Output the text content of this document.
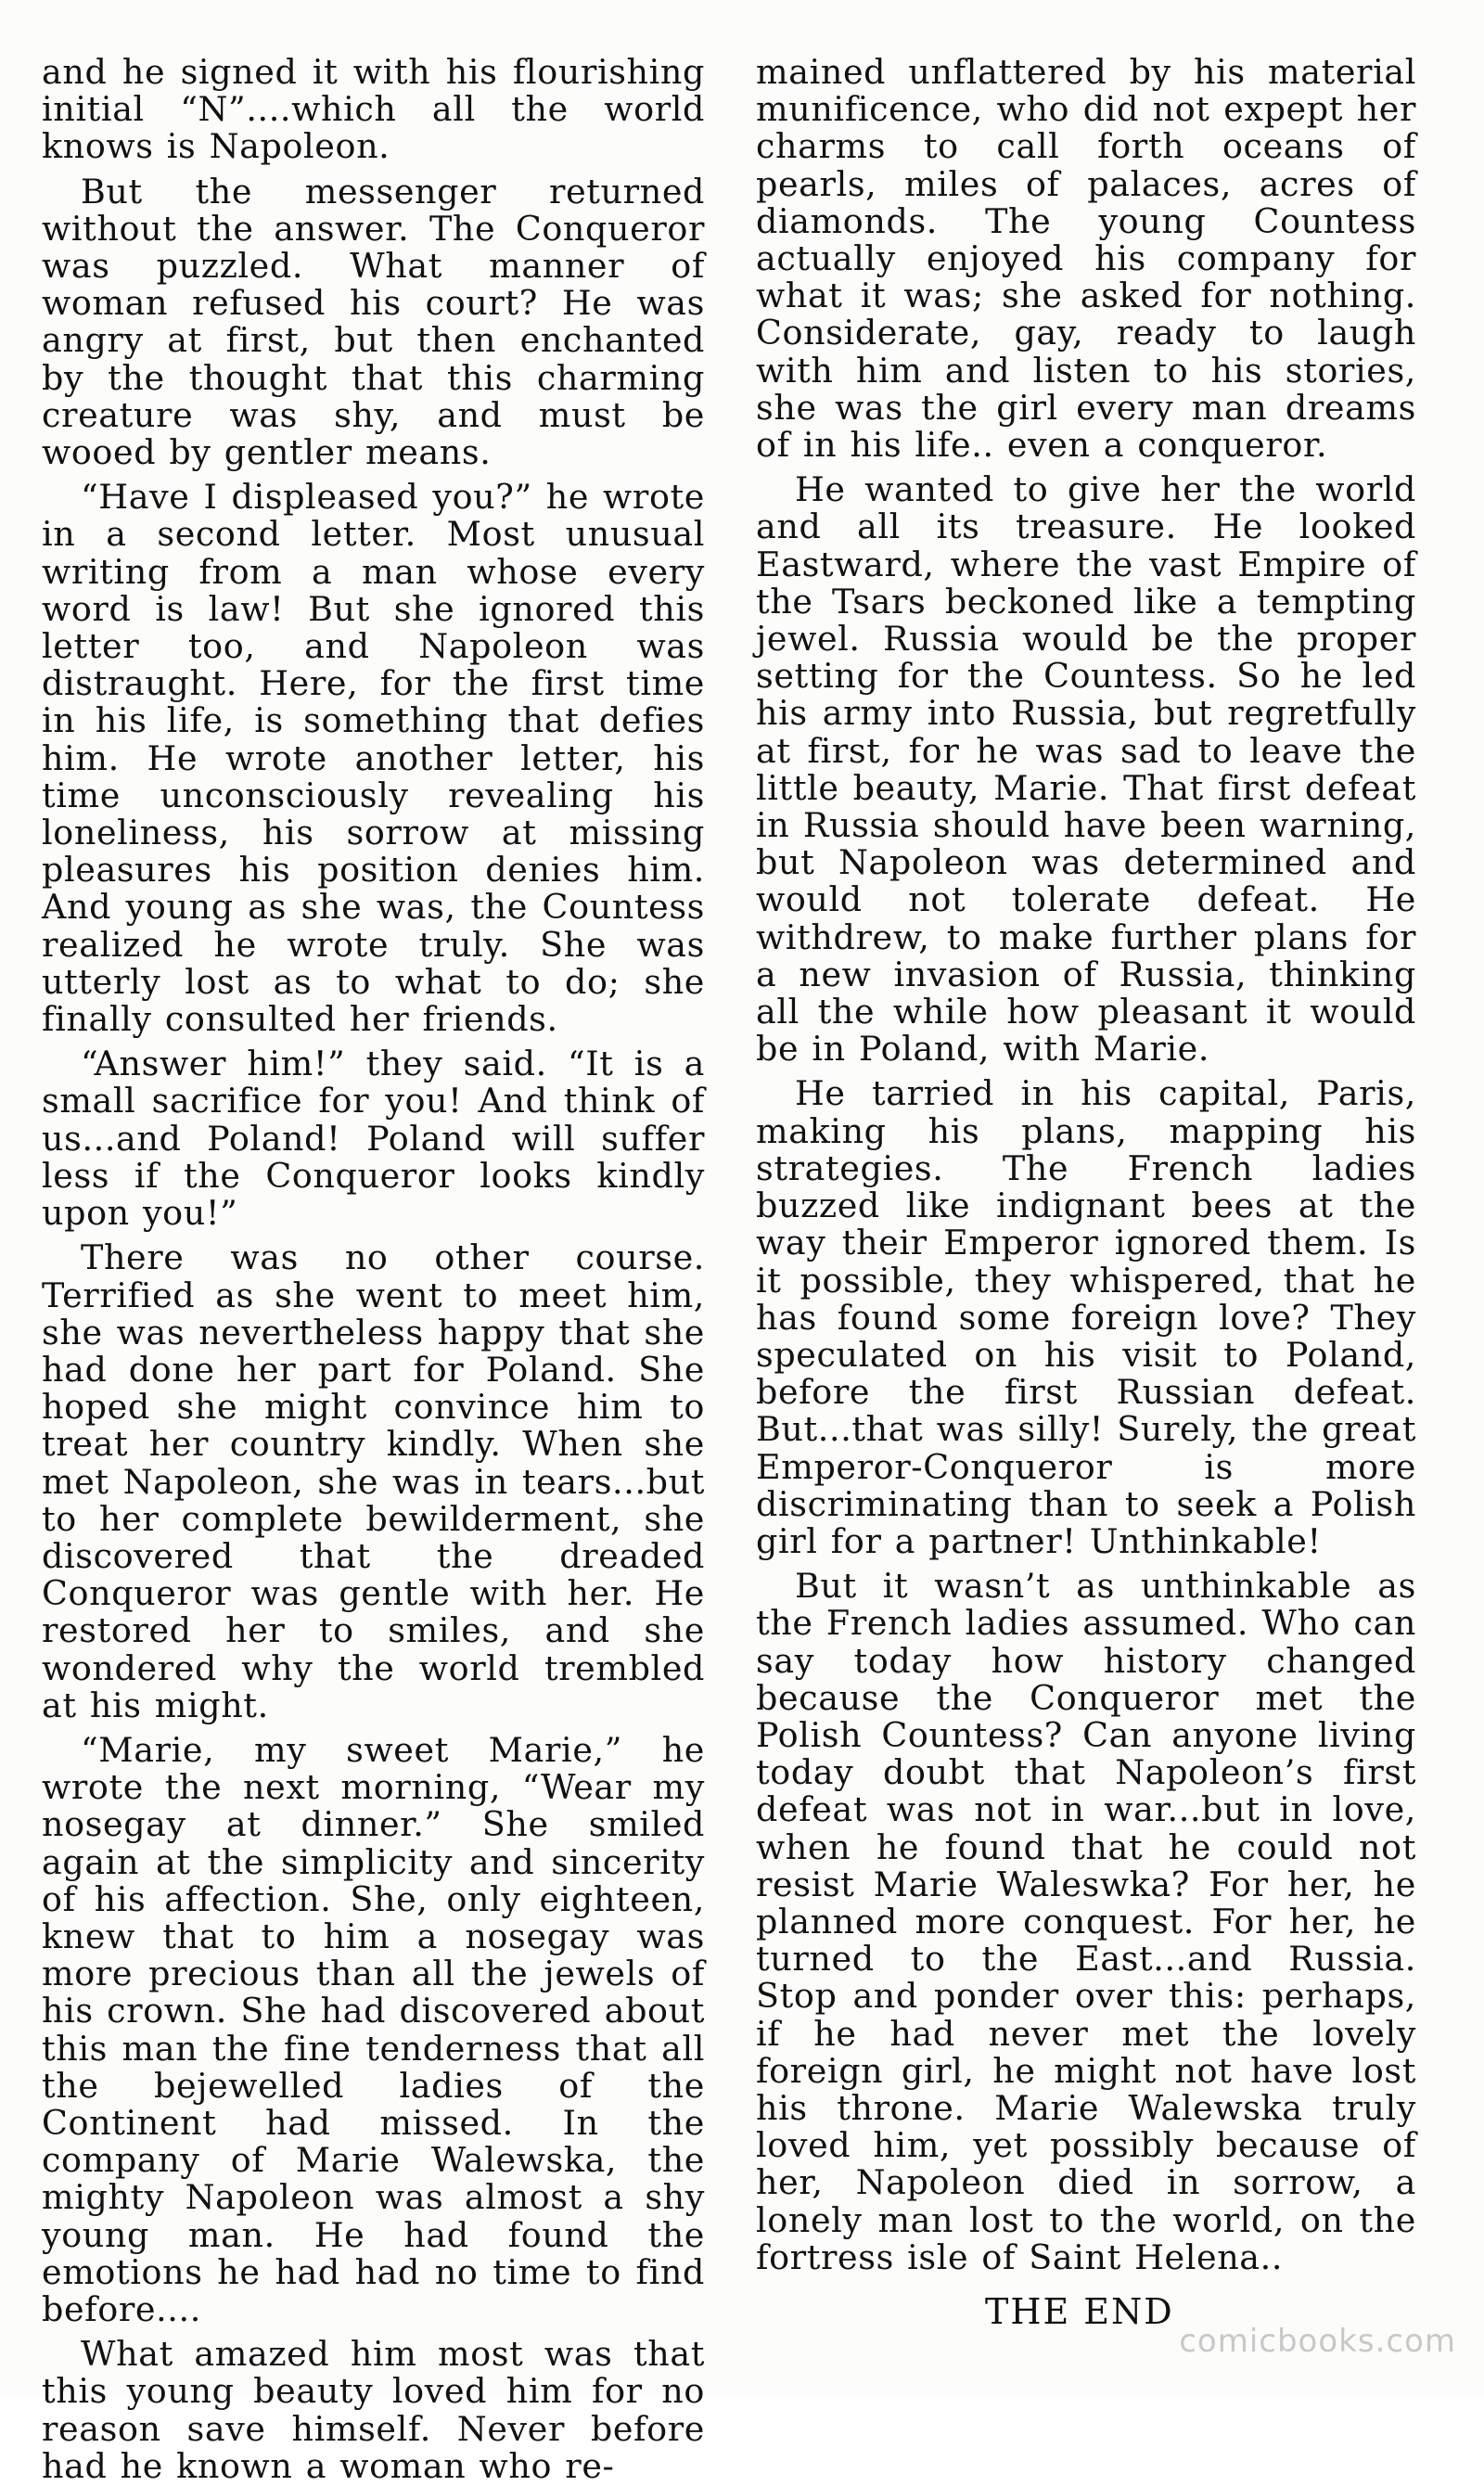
and he signed it with his flourishing initial “N”....which all the world knows is Napoleon.

But the messenger returned without the answer. The Conqueror was puzzled. What manner of woman refused his court? He was angry at first, but then enchanted by the thought that this charming creature was shy, and must be wooed by gentler means.

“Have I displeased you?” he wrote in a second letter. Most unusual writing from a man whose every word is law! But she ignored this letter too, and Napoleon was distraught. Here, for the first time in his life, is something that defies him. He wrote another letter, his time unconsciously revealing his loneliness, his sorrow at missing pleasures his position denies him. And young as she was, the Countess realized he wrote truly. She was utterly lost as to what to do; she finally consulted her friends.

“Answer him!” they said. “It is a small sacrifice for you! And think of us...and Poland! Poland will suffer less if the Conqueror looks kindly upon you!”

There was no other course. Terrified as she went to meet him, she was nevertheless happy that she had done her part for Poland. She hoped she might convince him to treat her country kindly. When she met Napoleon, she was in tears...but to her complete bewilderment, she discovered that the dreaded Conqueror was gentle with her. He restored her to smiles, and she wondered why the world trembled at his might.

“Marie, my sweet Marie,” he wrote the next morning, “Wear my nosegay at dinner.” She smiled again at the simplicity and sincerity of his affection. She, only eighteen, knew that to him a nosegay was more precious than all the jewels of his crown. She had discovered about this man the fine tenderness that all the bejewelled ladies of the Continent had missed. In the company of Marie Walewska, the mighty Napoleon was almost a shy young man. He had found the emotions he had had no time to find before....

What amazed him most was that this young beauty loved him for no reason save himself. Never before had he known a woman who re-

mained unflattered by his material munificence, who did not expept her charms to call forth oceans of pearls, miles of palaces, acres of diamonds. The young Countess actually enjoyed his company for what it was; she asked for nothing. Considerate, gay, ready to laugh with him and listen to his stories, she was the girl every man dreams of in his life.. even a conqueror.

He wanted to give her the world and all its treasure. He looked Eastward, where the vast Empire of the Tsars beckoned like a tempting jewel. Russia would be the proper setting for the Countess. So he led his army into Russia, but regretfully at first, for he was sad to leave the little beauty, Marie. That first defeat in Russia should have been warning, but Napoleon was determined and would not tolerate defeat. He withdrew, to make further plans for a new invasion of Russia, thinking all the while how pleasant it would be in Poland, with Marie.

He tarried in his capital, Paris, making his plans, mapping his strategies. The French ladies buzzed like indignant bees at the way their Emperor ignored them. Is it possible, they whispered, that he has found some foreign love? They speculated on his visit to Poland, before the first Russian defeat. But...that was silly! Surely, the great Emperor-Conqueror is more discriminating than to seek a Polish girl for a partner! Unthinkable!

But it wasn’t as unthinkable as the French ladies assumed. Who can say today how history changed because the Conqueror met the Polish Countess? Can anyone living today doubt that Napoleon’s first defeat was not in war...but in love, when he found that he could not resist Marie Waleswka? For her, he planned more conquest. For her, he turned to the East...and Russia. Stop and ponder over this: perhaps, if he had never met the lovely foreign girl, he might not have lost his throne. Marie Walewska truly loved him, yet possibly because of her, Napoleon died in sorrow, a lonely man lost to the world, on the fortress isle of Saint Helena..

THE END
comicbooks.com
